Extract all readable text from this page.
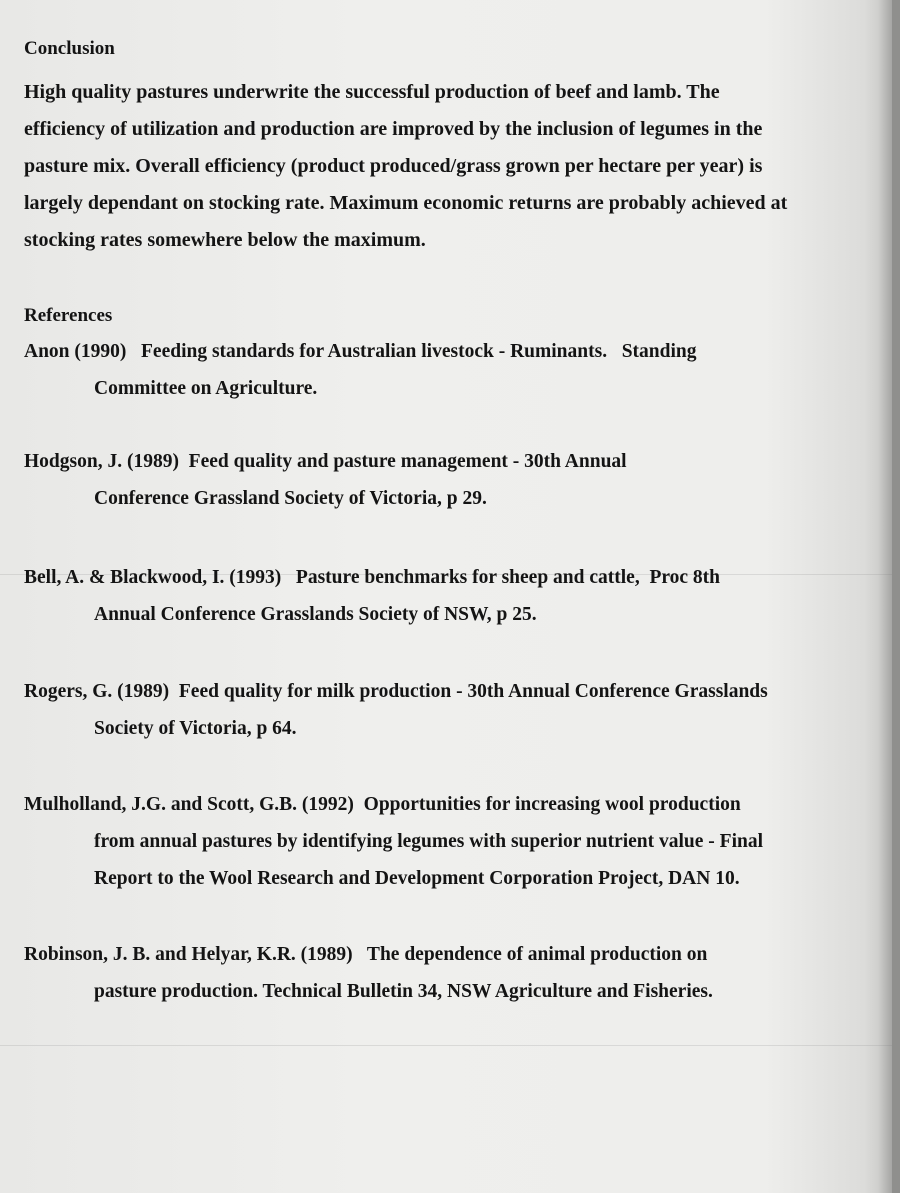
Conclusion
High quality pastures underwrite the successful production of beef and lamb. The
efficiency of utilization and production are improved by the inclusion of legumes in the
pasture mix. Overall efficiency (product produced/grass grown per hectare per year) is
largely dependant on stocking rate. Maximum economic returns are probably achieved at
stocking rates somewhere below the maximum.
References

Anon (1990)   Feeding standards for Australian livestock - Ruminants.   Standing

Committee on Agriculture.

Hodgson, J. (1989)  Feed quality and pasture management - 30th Annual

Conference Grassland Society of Victoria, p 29.

Bell, A. & Blackwood, I. (1993)   Pasture benchmarks for sheep and cattle,  Proc 8th

Annual Conference Grasslands Society of NSW, p 25.

Rogers, G. (1989)  Feed quality for milk production - 30th Annual Conference Grasslands

Society of Victoria, p 64.

Mulholland, J.G. and Scott, G.B. (1992)  Opportunities for increasing wool production

from annual pastures by identifying legumes with superior nutrient value - Final

Report to the Wool Research and Development Corporation Project, DAN 10.

Robinson, J. B. and Helyar, K.R. (1989)   The dependence of animal production on

pasture production. Technical Bulletin 34, NSW Agriculture and Fisheries.
